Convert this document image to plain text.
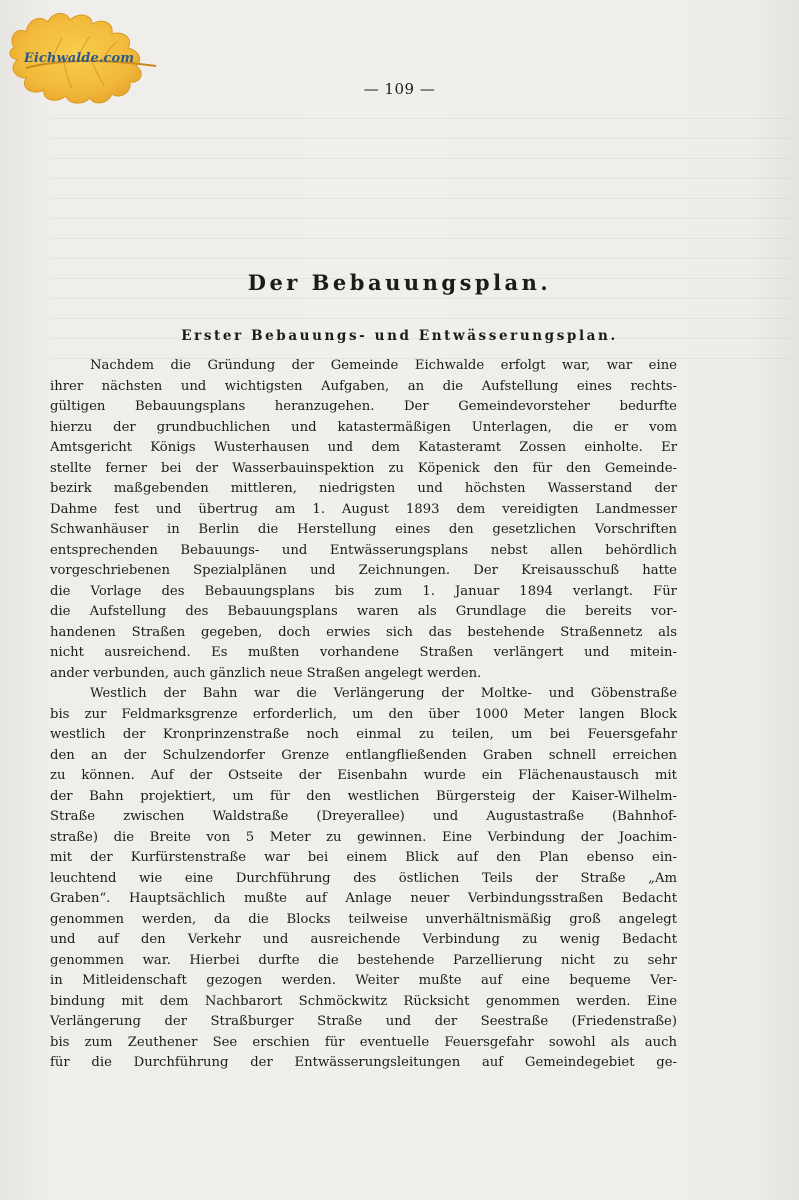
Eichwalde.com
— 109 —
Der Bebauungsplan.
Erster Bebauungs- und Entwässerungsplan.

Nachdem die Gründung der Gemeinde Eichwalde erfolgt war, war eine
ihrer nächsten und wichtigsten Aufgaben, an die Aufstellung eines rechts-
gültigen Bebauungsplans heranzugehen. Der Gemeindevorsteher bedurfte
hierzu der grundbuchlichen und katastermäßigen Unterlagen, die er vom
Amtsgericht Königs Wusterhausen und dem Katasteramt Zossen einholte. Er
stellte ferner bei der Wasserbauinspektion zu Köpenick den für den Gemeinde-
bezirk maßgebenden mittleren, niedrigsten und höchsten Wasserstand der
Dahme fest und übertrug am 1. August 1893 dem vereidigten Landmesser
Schwanhäuser in Berlin die Herstellung eines den gesetzlichen Vorschriften
entsprechenden Bebauungs- und Entwässerungsplans nebst allen behördlich
vorgeschriebenen Spezialplänen und Zeichnungen. Der Kreisausschuß hatte
die Vorlage des Bebauungsplans bis zum 1. Januar 1894 verlangt. Für
die Aufstellung des Bebauungsplans waren als Grundlage die bereits vor-
handenen Straßen gegeben, doch erwies sich das bestehende Straßennetz als
nicht ausreichend. Es mußten vorhandene Straßen verlängert und mitein-
ander verbunden, auch gänzlich neue Straßen angelegt werden.

Westlich der Bahn war die Verlängerung der Moltke- und Göbenstraße
bis zur Feldmarksgrenze erforderlich, um den über 1000 Meter langen Block
westlich der Kronprinzenstraße noch einmal zu teilen, um bei Feuersgefahr
den an der Schulzendorfer Grenze entlangfließenden Graben schnell erreichen
zu können. Auf der Ostseite der Eisenbahn wurde ein Flächenaustausch mit
der Bahn projektiert, um für den westlichen Bürgersteig der Kaiser-Wilhelm-
Straße zwischen Waldstraße (Dreyerallee) und Augustastraße (Bahnhof-
straße) die Breite von 5 Meter zu gewinnen. Eine Verbindung der Joachim-
mit der Kurfürstenstraße war bei einem Blick auf den Plan ebenso ein-
leuchtend wie eine Durchführung des östlichen Teils der Straße „Am
Graben“. Hauptsächlich mußte auf Anlage neuer Verbindungsstraßen Bedacht
genommen werden, da die Blocks teilweise unverhältnismäßig groß angelegt
und auf den Verkehr und ausreichende Verbindung zu wenig Bedacht
genommen war. Hierbei durfte die bestehende Parzellierung nicht zu sehr
in Mitleidenschaft gezogen werden. Weiter mußte auf eine bequeme Ver-
bindung mit dem Nachbarort Schmöckwitz Rücksicht genommen werden. Eine
Verlängerung der Straßburger Straße und der Seestraße (Friedenstraße)
bis zum Zeuthener See erschien für eventuelle Feuersgefahr sowohl als auch
für die Durchführung der Entwässerungsleitungen auf Gemeindegebiet ge-
